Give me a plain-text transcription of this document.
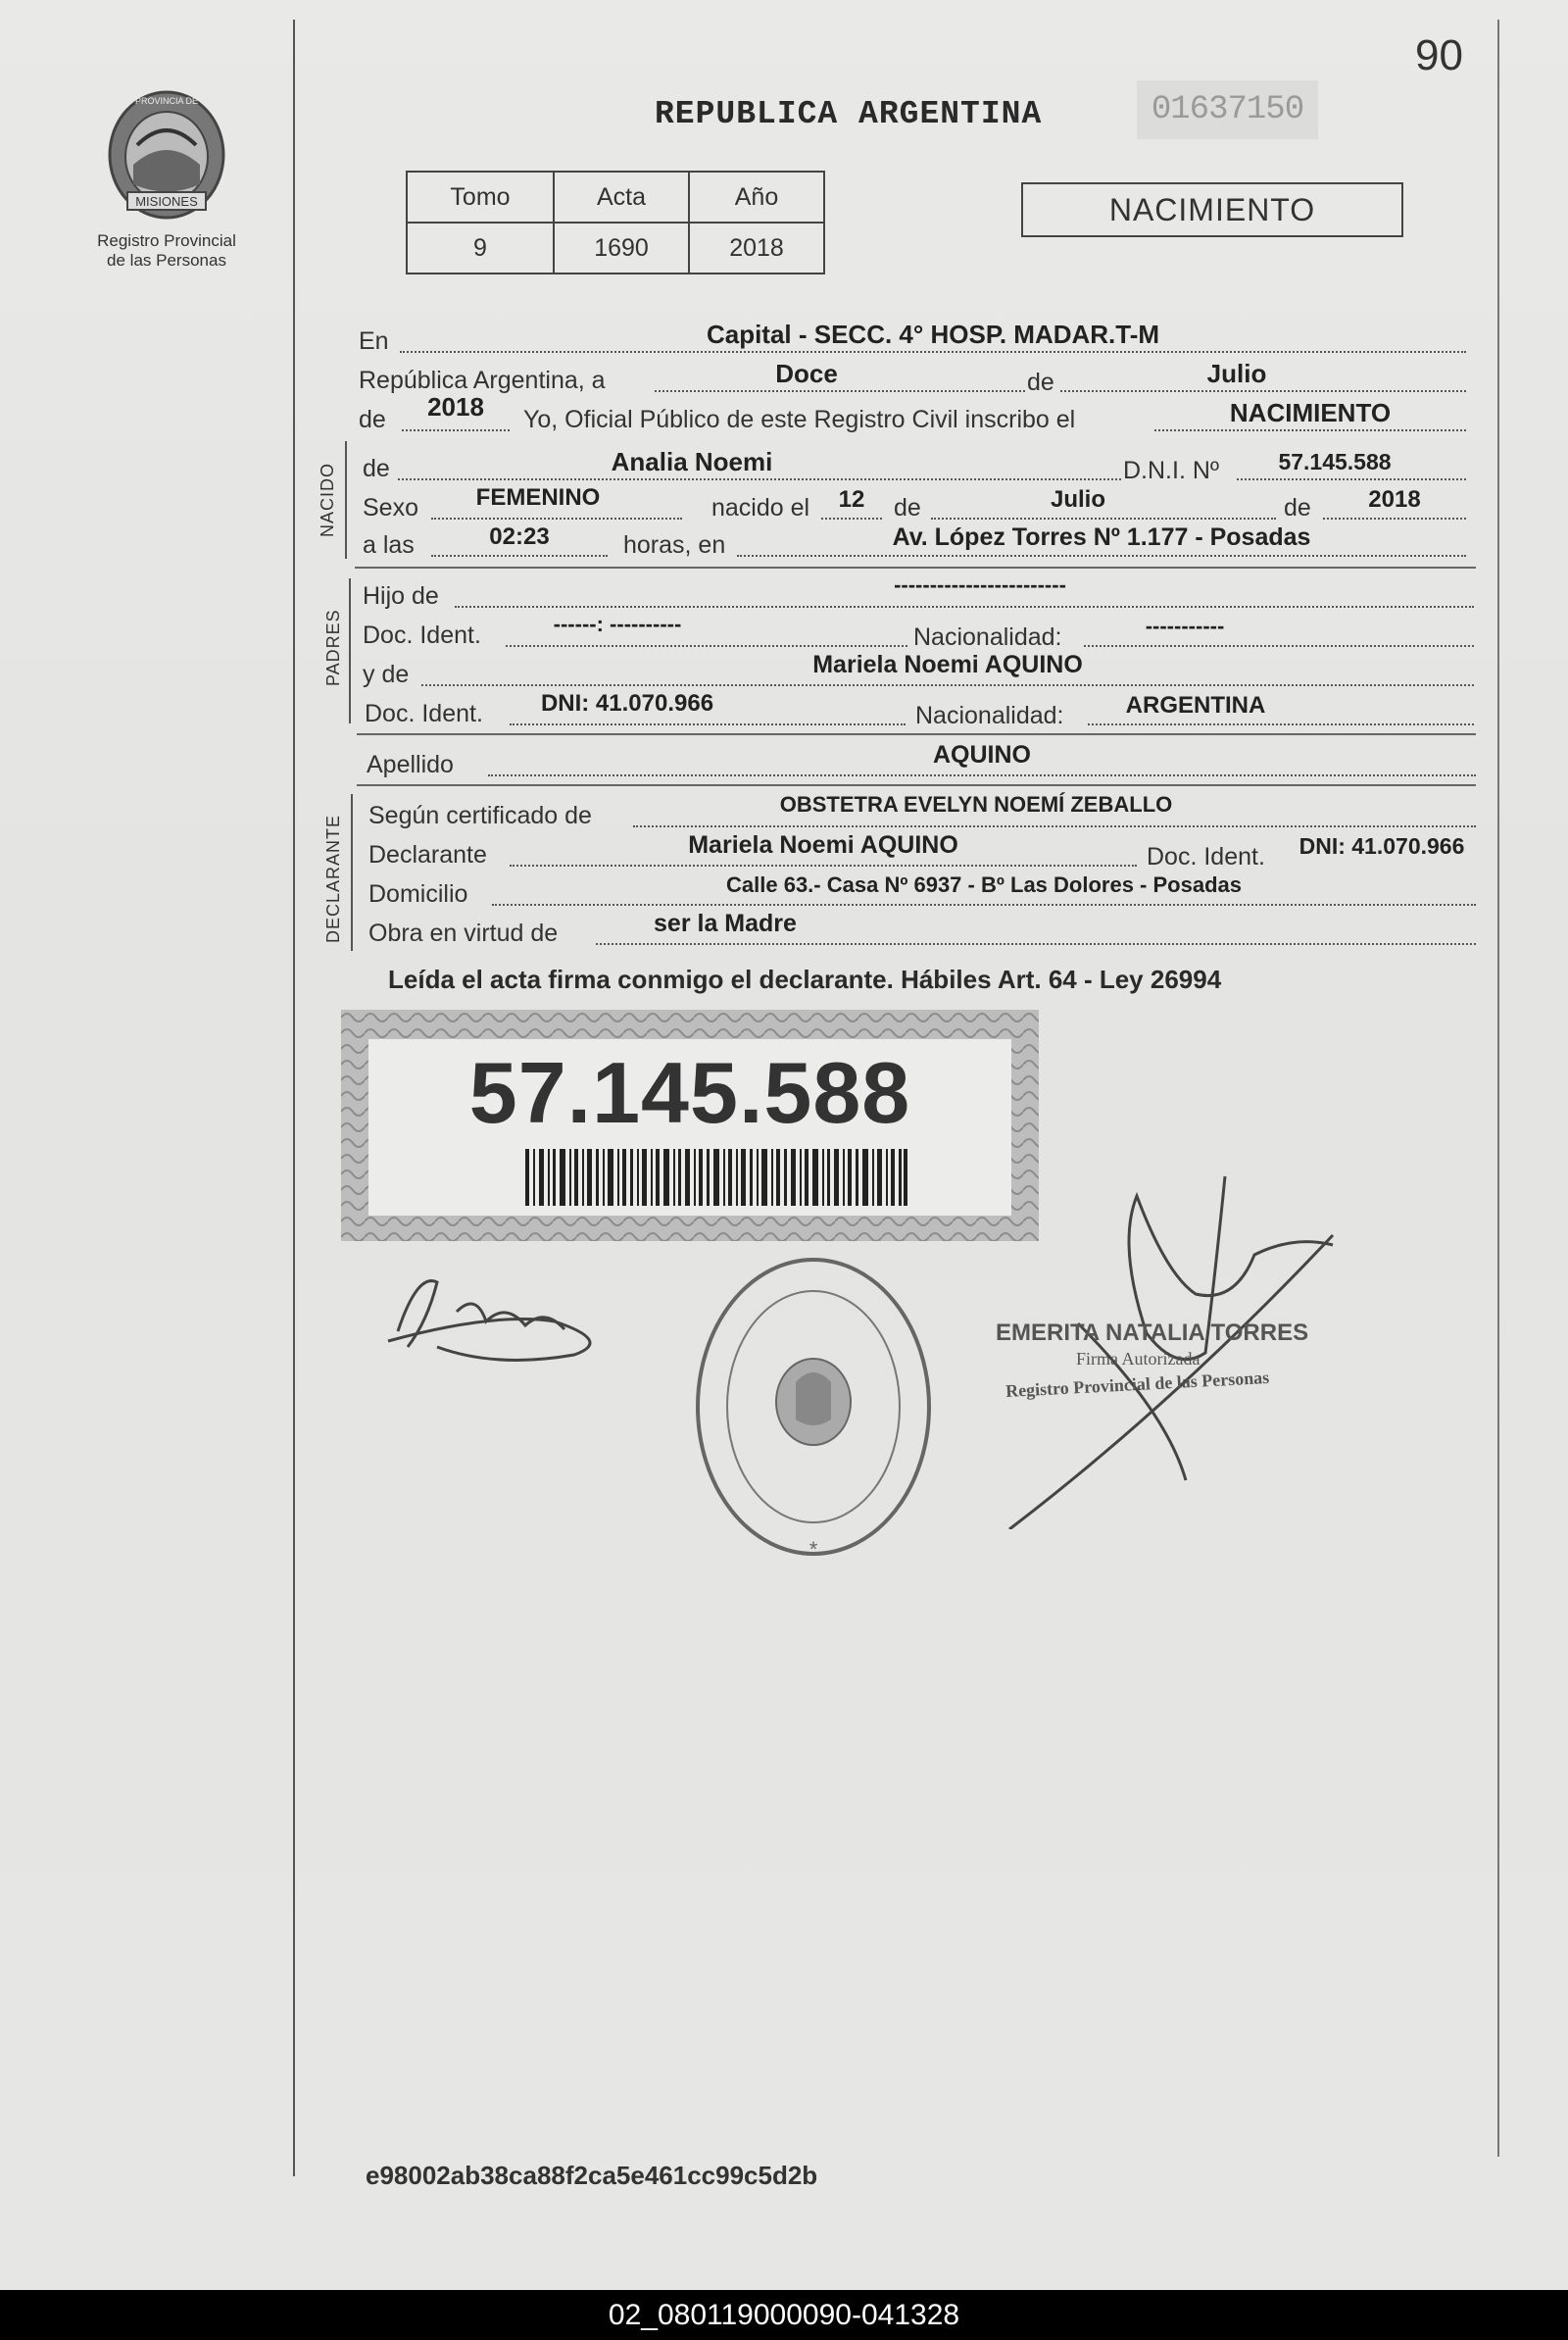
MISIONES
PROVINCIA DE
Registro Provincial
de las Personas
90
REPUBLICA ARGENTINA	01637150
Tomo	Acta	Año
9	1690	2018
NACIMIENTO
En	Capital - SECC. 4° HOSP. MADAR.T-M
República Argentina, a	Doce	de	Julio
de	2018	Yo, Oficial Público de este Registro Civil inscribo el	NACIMIENTO
NACIDO de	Analia Noemi	D.N.I. Nº	57.145.588
Sexo	FEMENINO	nacido el	12	de	Julio	de	2018
a las	02:23	horas, en	Av. López Torres Nº 1.177 - Posadas
PADRES
Hijo de	------------------------
Doc. Ident.	------: ----------	Nacionalidad:	-----------
y de	Mariela Noemi AQUINO
Doc. Ident.	DNI: 41.070.966	Nacionalidad:	ARGENTINA
Apellido	AQUINO
DECLARANTE Según certificado de	OBSTETRA EVELYN NOEMÍ ZEBALLO
Declarante	Mariela Noemi AQUINO	Doc. Ident.	DNI: 41.070.966
Domicilio	Calle 63.- Casa Nº 6937 - Bº Las Dolores - Posadas
Obra en virtud de	ser la Madre
Leída el acta firma conmigo el declarante. Hábiles Art. 64 - Ley 26994
57.145.588
*
EMERITA NATALIA TORRES
Firma Autorizada
Registro Provincial de las Personas
e98002ab38ca88f2ca5e461cc99c5d2b
02_080119000090-041328
